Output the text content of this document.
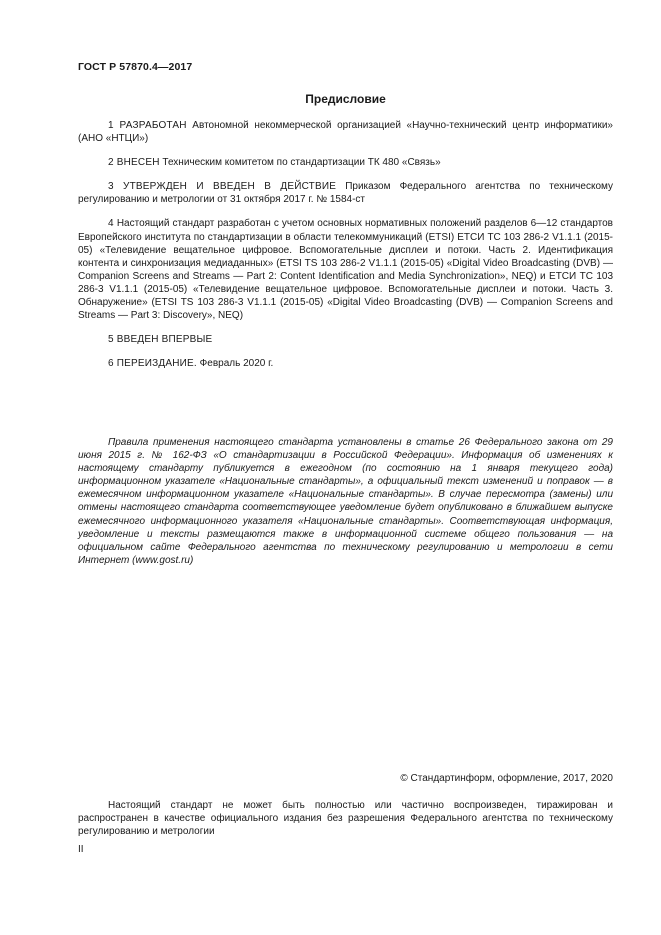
ГОСТ Р 57870.4—2017
Предисловие

1 РАЗРАБОТАН Автономной некоммерческой организацией «Научно-технический центр информатики» (АНО «НТЦИ»)

2 ВНЕСЕН Техническим комитетом по стандартизации ТК 480 «Связь»

3 УТВЕРЖДЕН И ВВЕДЕН В ДЕЙСТВИЕ Приказом Федерального агентства по техническому регулированию и метрологии от 31 октября 2017 г. № 1584-ст

4 Настоящий стандарт разработан с учетом основных нормативных положений разделов 6—12 стандартов Европейского института по стандартизации в области телекоммуникаций (ETSI) ЕТСИ ТС 103 286-2 V1.1.1 (2015-05) «Телевидение вещательное цифровое. Вспомогательные дисплеи и потоки. Часть 2. Идентификация контента и синхронизация медиаданных» (ETSI TS 103 286-2 V1.1.1 (2015-05) «Digital Video Broadcasting (DVB) — Companion Screens and Streams — Part 2: Content Identification and Media Synchronization», NEQ) и ЕТСИ ТС 103 286-3 V1.1.1 (2015-05) «Телевидение вещательное цифровое. Вспомогательные дисплеи и потоки. Часть 3. Обнаружение» (ETSI TS 103 286-3 V1.1.1 (2015-05) «Digital Video Broadcasting (DVB) — Companion Screens and Streams — Part 3: Discovery», NEQ)

5 ВВЕДЕН ВПЕРВЫЕ

6 ПЕРЕИЗДАНИЕ. Февраль 2020 г.

Правила применения настоящего стандарта установлены в статье 26 Федерального закона от 29 июня 2015 г. № 162-ФЗ «О стандартизации в Российской Федерации». Информация об изменениях к настоящему стандарту публикуется в ежегодном (по состоянию на 1 января текущего года) информационном указателе «Национальные стандарты», а официальный текст изменений и поправок — в ежемесячном информационном указателе «Национальные стандарты». В случае пересмотра (замены) или отмены настоящего стандарта соответствующее уведомление будет опубликовано в ближайшем выпуске ежемесячного информационного указателя «Национальные стандарты». Соответствующая информация, уведомление и тексты размещаются также в информационной системе общего пользования — на официальном сайте Федерального агентства по техническому регулированию и метрологии в сети Интернет (www.gost.ru)

© Стандартинформ, оформление, 2017, 2020

Настоящий стандарт не может быть полностью или частично воспроизведен, тиражирован и распространен в качестве официального издания без разрешения Федерального агентства по техническому регулированию и метрологии

II
